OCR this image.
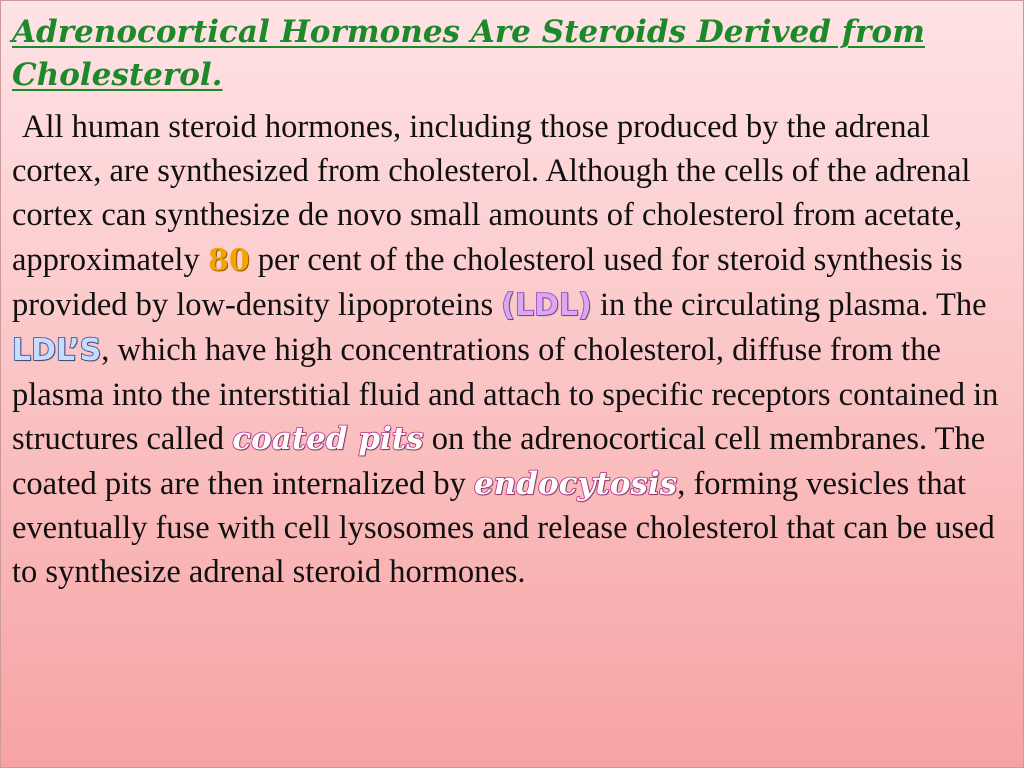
Adrenocortical Hormones Are Steroids Derived from Cholesterol.

All human steroid hormones, including those produced by the adrenal cortex, are synthesized from cholesterol. Although the cells of the adrenal cortex can synthesize de novo small amounts of cholesterol from acetate, approximately 80 per cent of the cholesterol used for steroid synthesis is provided by low-density lipoproteins (LDL) in the circulating plasma. The LDL’S, which have high concentrations of cholesterol, diffuse from the plasma into the interstitial fluid and attach to specific receptors contained in structures called coated pits on the adrenocortical cell membranes. The coated pits are then internalized by endocytosis, forming vesicles that eventually fuse with cell lysosomes and release cholesterol that can be used to synthesize adrenal steroid hormones.
